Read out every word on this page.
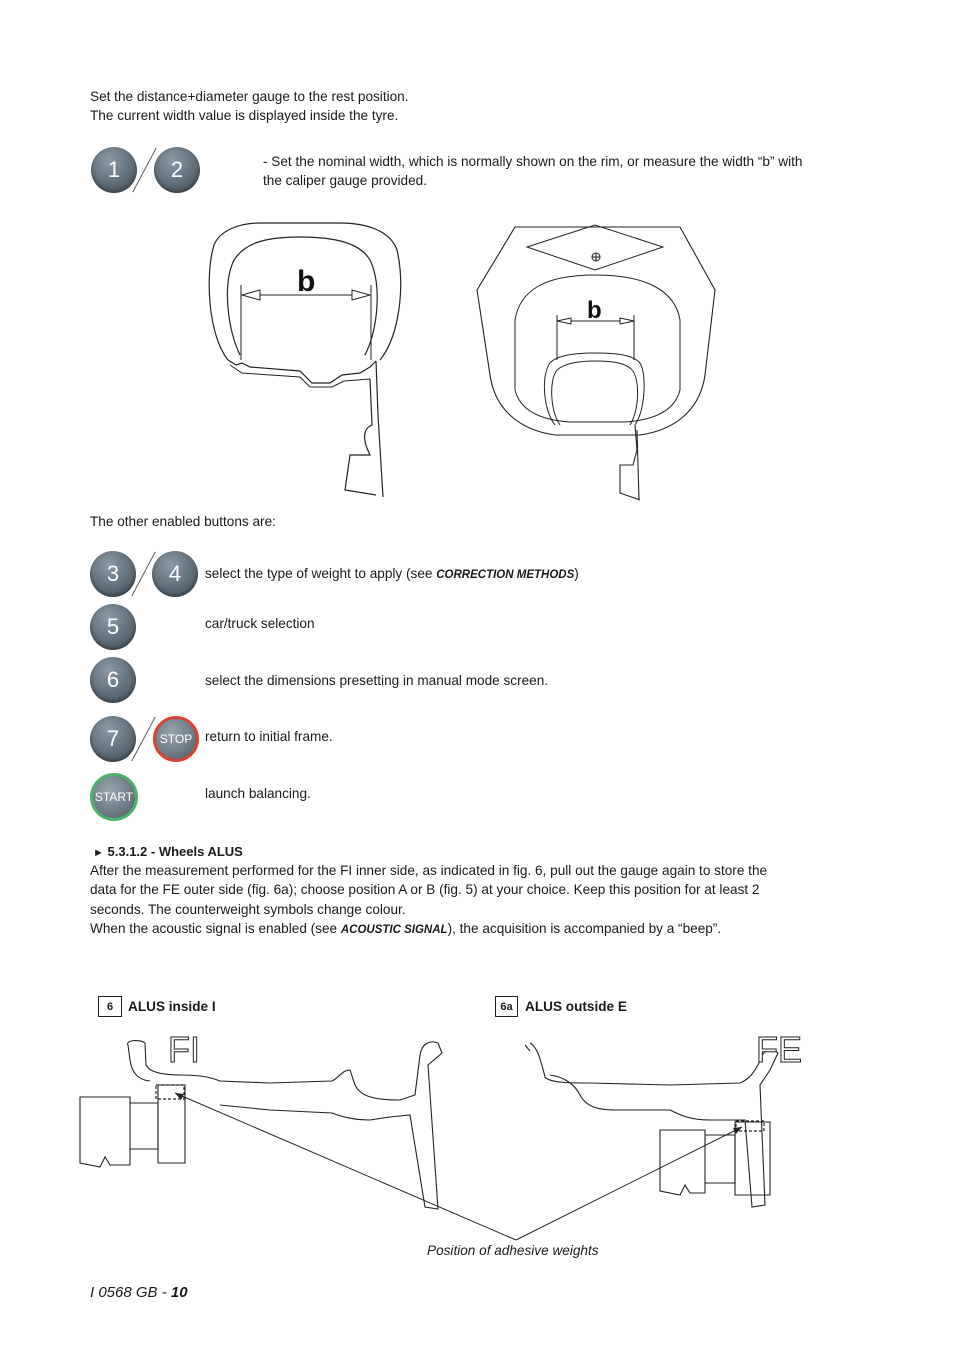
Set the distance+diameter gauge to the rest position.
The current width value is displayed inside the tyre.
1	2	- Set the nominal width, which is normally shown on the rim, or measure the width “b” with
the caliper gauge provided.
b
b
The other enabled buttons are:
3	4	select the type of weight to apply (see CORRECTION METHODS)
5	car/truck selection
6	select the dimensions presetting in manual mode screen.
7	STOP return to initial frame.
START	launch balancing.
► 5.3.1.2 - Wheels ALUS
After the measurement performed for the FI inner side, as indicated in fig. 6, pull out the gauge again to store the
data for the FE outer side (fig. 6a); choose position A or B (fig. 5) at your choice. Keep this position for at least 2
seconds. The counterweight symbols change colour.
When the acoustic signal is enabled (see ACOUSTIC SIGNAL), the acquisition is accompanied by a “beep”.
6	ALUS inside I	6a ALUS outside E
FI	FE
Position of adhesive weights
I 0568 GB - 10
